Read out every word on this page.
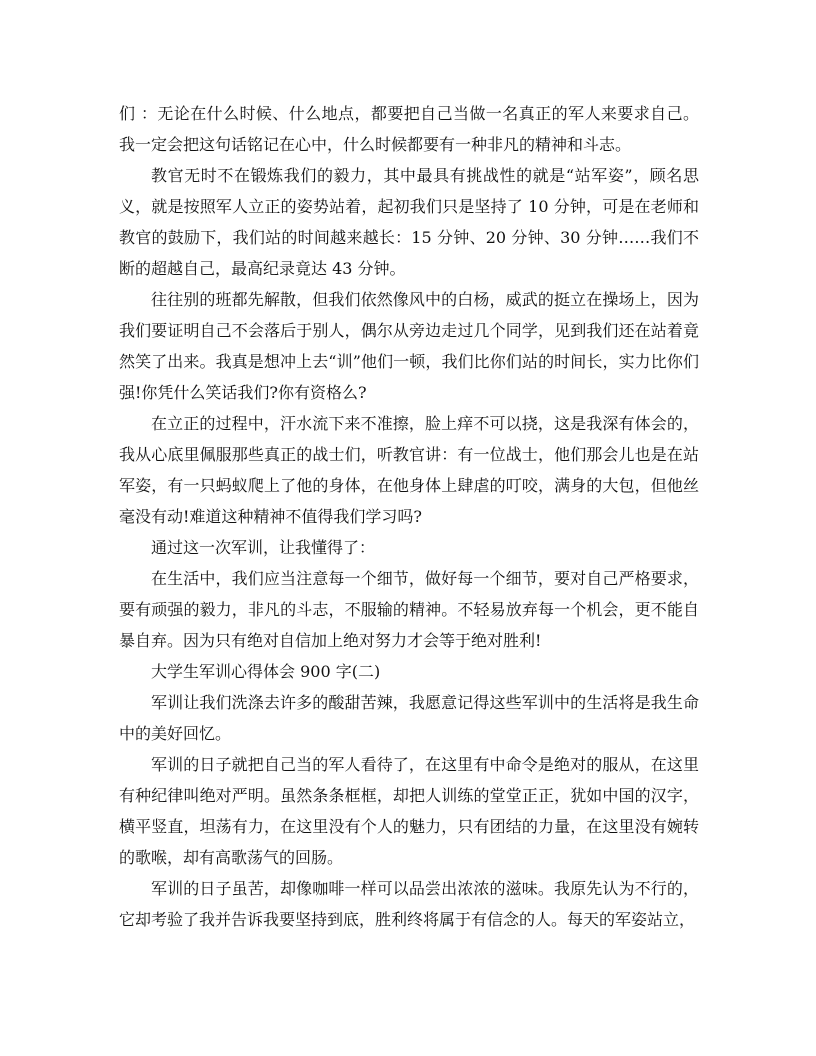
们 ：无论在什么时候、什么地点，都要把自己当做一名真正的军人来要求自己。我一定会把这句话铭记在心中，什么时候都要有一种非凡的精神和斗志。

教官无时不在锻炼我们的毅力，其中最具有挑战性的就是“站军姿”，顾名思义，就是按照军人立正的姿势站着，起初我们只是坚持了 10 分钟，可是在老师和教官的鼓励下，我们站的时间越来越长：15 分钟、20 分钟、30 分钟……我们不断的超越自己，最高纪录竟达 43 分钟。

往往别的班都先解散，但我们依然像风中的白杨，威武的挺立在操场上，因为我们要证明自己不会落后于别人，偶尔从旁边走过几个同学，见到我们还在站着竟然笑了出来。我真是想冲上去“训”他们一顿，我们比你们站的时间长，实力比你们强!你凭什么笑话我们?你有资格么?

在立正的过程中，汗水流下来不准擦，脸上痒不可以挠，这是我深有体会的，我从心底里佩服那些真正的战士们，听教官讲：有一位战士，他们那会儿也是在站军姿，有一只蚂蚁爬上了他的身体，在他身体上肆虐的叮咬，满身的大包，但他丝毫没有动!难道这种精神不值得我们学习吗?

通过这一次军训，让我懂得了：

在生活中，我们应当注意每一个细节，做好每一个细节，要对自己严格要求，要有顽强的毅力，非凡的斗志，不服输的精神。不轻易放弃每一个机会，更不能自暴自弃。因为只有绝对自信加上绝对努力才会等于绝对胜利!

大学生军训心得体会 900 字(二)

军训让我们洗涤去许多的酸甜苦辣，我愿意记得这些军训中的生活将是我生命中的美好回忆。

军训的日子就把自己当的军人看待了，在这里有中命令是绝对的服从，在这里有种纪律叫绝对严明。虽然条条框框，却把人训练的堂堂正正，犹如中国的汉字，横平竖直，坦荡有力，在这里没有个人的魅力，只有团结的力量，在这里没有婉转的歌喉，却有高歌荡气的回肠。

军训的日子虽苦，却像咖啡一样可以品尝出浓浓的滋味。我原先认为不行的，它却考验了我并告诉我要坚持到底，胜利终将属于有信念的人。每天的军姿站立，
